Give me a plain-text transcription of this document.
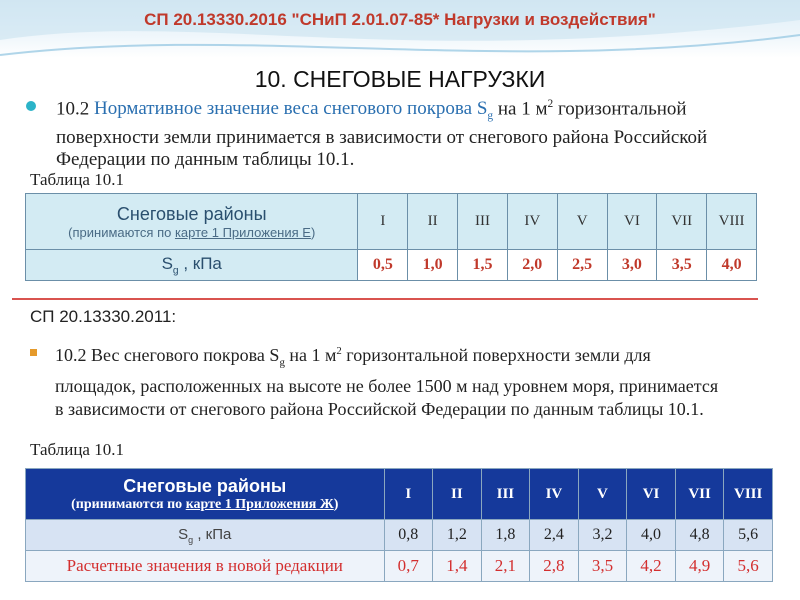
СП 20.13330.2016 "СНиП 2.01.07-85* Нагрузки и воздействия"
10. СНЕГОВЫЕ НАГРУЗКИ
10.2 Нормативное значение веса снегового покрова $S_g$ на 1 $м^2$ горизонтальной поверхности земли принимается в зависимости от снегового района Российской Федерации по данным таблицы 10.1.
Таблица 10.1
Снеговые районы
(принимаются по карте 1 Приложения Е)	I	II	III	IV	V	VI	VII	VIII
$S_g$ , кПа	0,5	1,0	1,5	2,0	2,5	3,0	3,5	4,0
СП 20.13330.2011:
10.2 Вес снегового покрова $S_g$ на 1 $м^2$ горизонтальной поверхности земли для площадок, расположенных на высоте не более 1500 м над уровнем моря, принимается в зависимости от снегового района Российской Федерации по данным таблицы 10.1.
Таблица 10.1
Снеговые районы
(принимаются по карте 1 Приложения Ж)	I	II	III	IV	V	VI	VII	VIII
$S_g$ , кПа	0,8	1,2	1,8	2,4	3,2	4,0	4,8	5,6
Расчетные значения в новой редакции	0,7	1,4	2,1	2,8	3,5	4,2	4,9	5,6
